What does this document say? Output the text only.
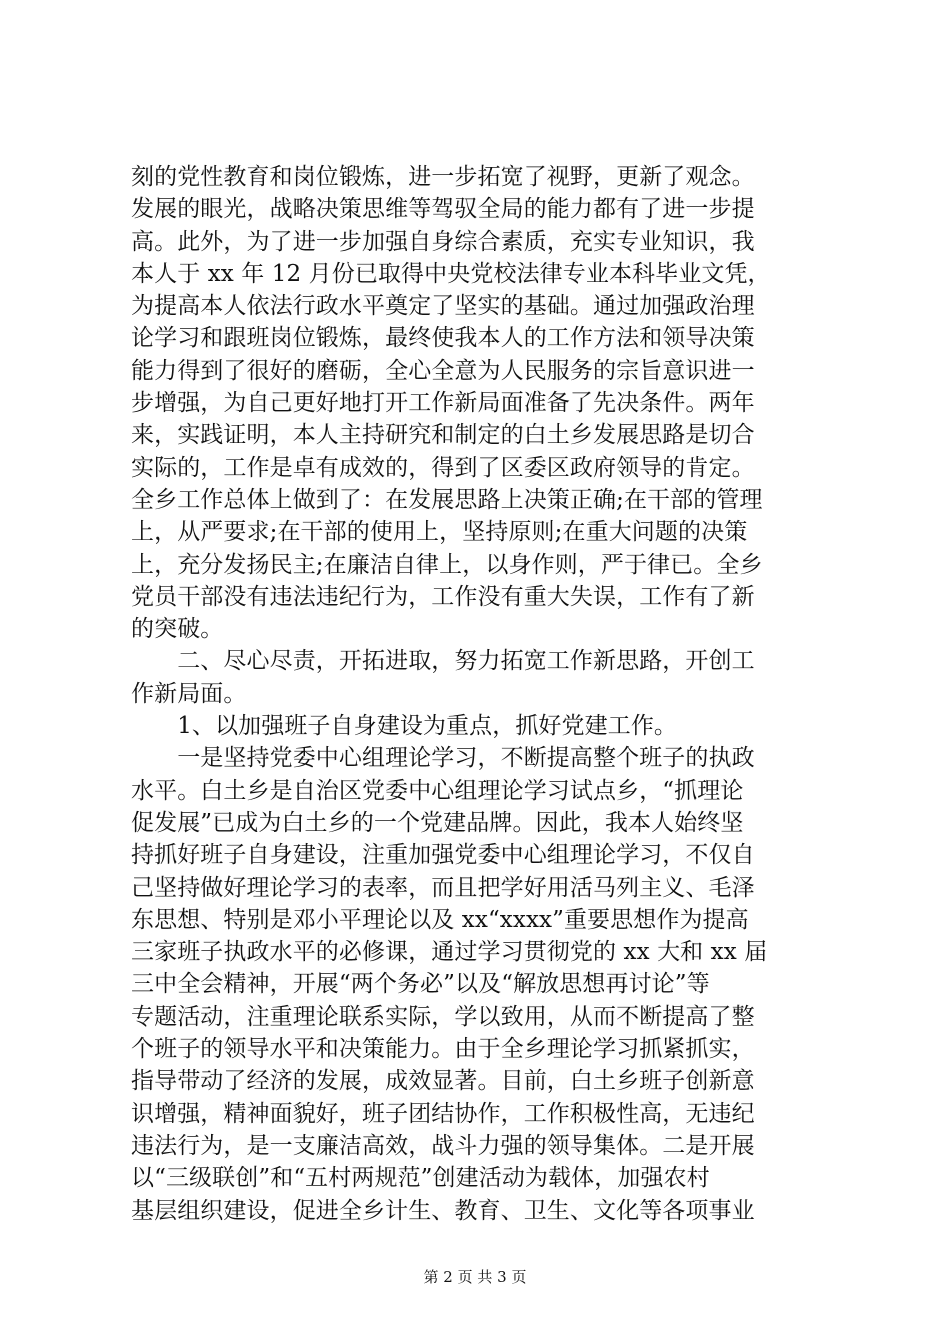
刻的党性教育和岗位锻炼，进一步拓宽了视野，更新了观念。
发展的眼光，战略决策思维等驾驭全局的能力都有了进一步提
高。此外，为了进一步加强自身综合素质，充实专业知识，我
本人于 xx 年 12 月份已取得中央党校法律专业本科毕业文凭，
为提高本人依法行政水平奠定了坚实的基础。通过加强政治理
论学习和跟班岗位锻炼，最终使我本人的工作方法和领导决策
能力得到了很好的磨砺，全心全意为人民服务的宗旨意识进一
步增强，为自己更好地打开工作新局面准备了先决条件。两年
来，实践证明，本人主持研究和制定的白土乡发展思路是切合
实际的，工作是卓有成效的，得到了区委区政府领导的肯定。
全乡工作总体上做到了：在发展思路上决策正确;在干部的管理
上，从严要求;在干部的使用上，坚持原则;在重大问题的决策
上，充分发扬民主;在廉洁自律上，以身作则，严于律已。全乡
党员干部没有违法违纪行为，工作没有重大失误，工作有了新
的突破。
　　二、尽心尽责，开拓进取，努力拓宽工作新思路，开创工
作新局面。
　　1、以加强班子自身建设为重点，抓好党建工作。
　　一是坚持党委中心组理论学习，不断提高整个班子的执政
水平。白土乡是自治区党委中心组理论学习试点乡，“抓理论
促发展”已成为白土乡的一个党建品牌。因此，我本人始终坚
持抓好班子自身建设，注重加强党委中心组理论学习，不仅自
己坚持做好理论学习的表率，而且把学好用活马列主义、毛泽
东思想、特别是邓小平理论以及 xx“xxxx”重要思想作为提高
三家班子执政水平的必修课，通过学习贯彻党的 xx 大和 xx 届
三中全会精神，开展“两个务必”以及“解放思想再讨论”等
专题活动，注重理论联系实际，学以致用，从而不断提高了整
个班子的领导水平和决策能力。由于全乡理论学习抓紧抓实，
指导带动了经济的发展，成效显著。目前，白土乡班子创新意
识增强，精神面貌好，班子团结协作，工作积极性高，无违纪
违法行为，是一支廉洁高效，战斗力强的领导集体。二是开展
以“三级联创”和“五村两规范”创建活动为载体，加强农村
基层组织建设，促进全乡计生、教育、卫生、文化等各项事业
第 2 页 共 3 页
